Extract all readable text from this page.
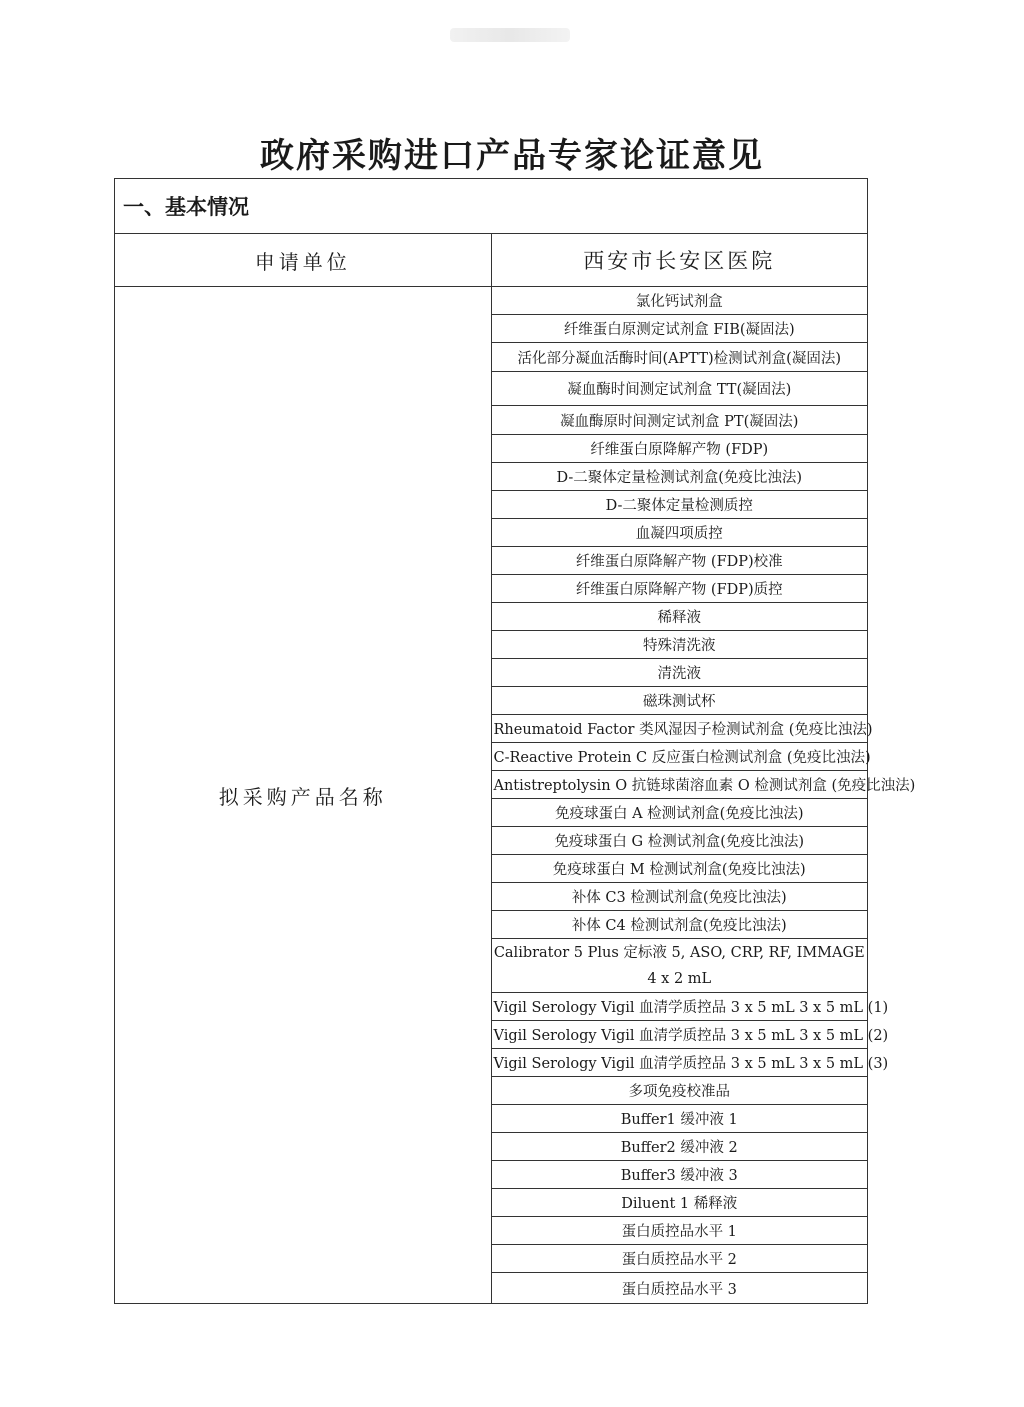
政府采购进口产品专家论证意见
一、基本情况
申请单位	西安市长安区医院
拟采购产品名称	
氯化钙试剂盒
纤维蛋白原测定试剂盒 FIB(凝固法)
活化部分凝血活酶时间(APTT)检测试剂盒(凝固法)
凝血酶时间测定试剂盒 TT(凝固法)
凝血酶原时间测定试剂盒 PT(凝固法)
纤维蛋白原降解产物 (FDP)
D-二聚体定量检测试剂盒(免疫比浊法)
D-二聚体定量检测质控
血凝四项质控
纤维蛋白原降解产物 (FDP)校准
纤维蛋白原降解产物 (FDP)质控
稀释液
特殊清洗液
清洗液
磁珠测试杯
Rheumatoid Factor 类风湿因子检测试剂盒 (免疫比浊法)
C-Reactive Protein C 反应蛋白检测试剂盒 (免疫比浊法)
Antistreptolysin O 抗链球菌溶血素 O 检测试剂盒 (免疫比浊法)
免疫球蛋白 A 检测试剂盒(免疫比浊法)
免疫球蛋白 G 检测试剂盒(免疫比浊法)
免疫球蛋白 M 检测试剂盒(免疫比浊法)
补体 C3 检测试剂盒(免疫比浊法)
补体 C4 检测试剂盒(免疫比浊法)
Calibrator 5 Plus 定标液 5, ASO, CRP, RF, IMMAGE 4 x 2 mL
Vigil Serology Vigil 血清学质控品 3 x 5 mL 3 x 5 mL (1)
Vigil Serology Vigil 血清学质控品 3 x 5 mL 3 x 5 mL (2)
Vigil Serology Vigil 血清学质控品 3 x 5 mL 3 x 5 mL (3)
多项免疫校准品
Buffer1 缓冲液 1
Buffer2 缓冲液 2
Buffer3 缓冲液 3
Diluent 1 稀释液
蛋白质控品水平 1
蛋白质控品水平 2
蛋白质控品水平 3
